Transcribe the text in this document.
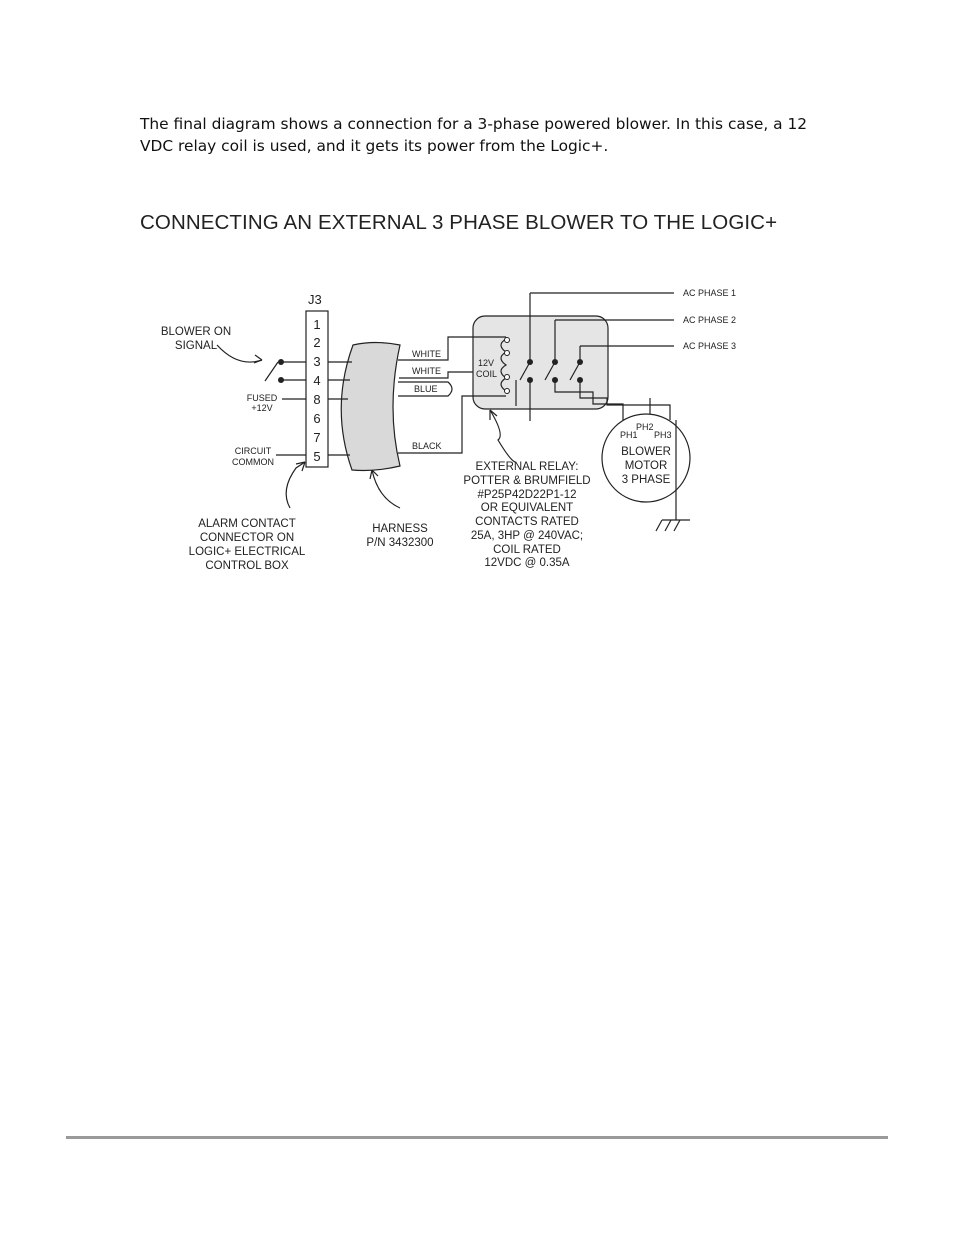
The final diagram shows a connection for a 3-phase powered blower. In this case, a 12

VDC relay coil is used, and it gets its power from the Logic+.

CONNECTING AN EXTERNAL 3 PHASE BLOWER TO THE LOGIC+
J3
1
2
3
4
8
6
7
5
BLOWER ON
SIGNAL
FUSED
+12V
CIRCUIT
COMMON
ALARM CONTACT
CONNECTOR ON
LOGIC+ ELECTRICAL
CONTROL BOX
HARNESS
P/N 3432300
WHITE
WHITE
BLUE
BLACK
12V
COIL
AC PHASE 1
AC PHASE 2
AC PHASE 3
PH1
PH2
PH3
EXTERNAL RELAY:
POTTER & BRUMFIELD
#P25P42D22P1-12
OR EQUIVALENT
CONTACTS RATED
25A, 3HP @ 240VAC;
COIL RATED
12VDC @ 0.35A
BLOWER
MOTOR
3 PHASE
